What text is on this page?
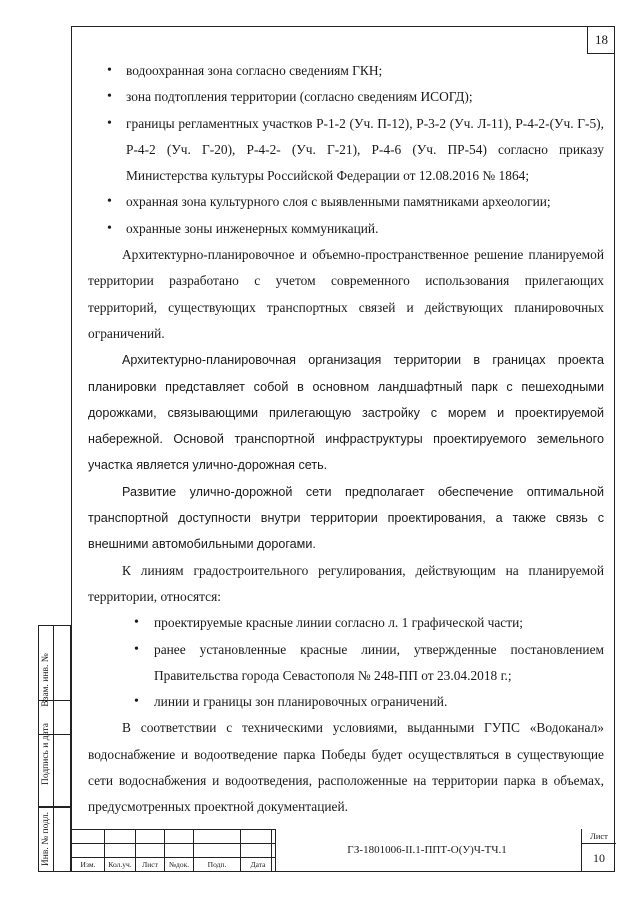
18
Взам. инв. №
Подпись и дата
Инв. № подл.
• водоохранная зона согласно сведениям ГКН;
• зона подтопления территории (согласно сведениям ИСОГД);
• границы регламентных участков Р-1-2 (Уч. П-12), Р-3-2 (Уч. Л-11), Р-4-2-(Уч. Г-5), Р-4-2 (Уч. Г-20), Р-4-2- (Уч. Г-21), Р-4-6 (Уч. ПР-54) согласно приказу Министерства культуры Российской Федерации от 12.08.2016 № 1864;
• охранная зона культурного слоя с выявленными памятниками археологии;
• охранные зоны инженерных коммуникаций.
Архитектурно-планировочное и объемно-пространственное решение планируемой территории разработано с учетом современного использования прилегающих территорий, существующих транспортных связей и действующих планировочных ограничений.
Архитектурно-планировочная организация территории в границах проекта планировки представляет собой в основном ландшафтный парк с пешеходными дорожками, связывающими прилегающую застройку с морем и проектируемой набережной. Основой транспортной инфраструктуры проектируемого земельного участка является улично-дорожная сеть.
Развитие улично-дорожной сети предполагает обеспечение оптимальной транспортной доступности внутри территории проектирования, а также связь с внешними автомобильными дорогами.
К линиям градостроительного регулирования, действующим на планируемой территории, относятся:
• проектируемые красные линии согласно л. 1 графической части;
• ранее установленные красные линии, утвержденные постановлением Правительства города Севастополя № 248-ПП от 23.04.2018 г.;
• линии и границы зон планировочных ограничений.
В соответствии с техническими условиями, выданными ГУПС «Водоканал» водоснабжение и водоотведение парка Победы будет осуществляться в существующие сети водоснабжения и водоотведения, расположенные на территории парка в объемах, предусмотренных проектной документацией.

Изм.	Кол.уч.	Лист	№док.	Подп.	Дата
ГЗ-1801006-II.1-ППТ-О(У)Ч-ТЧ.1
Лист
10
